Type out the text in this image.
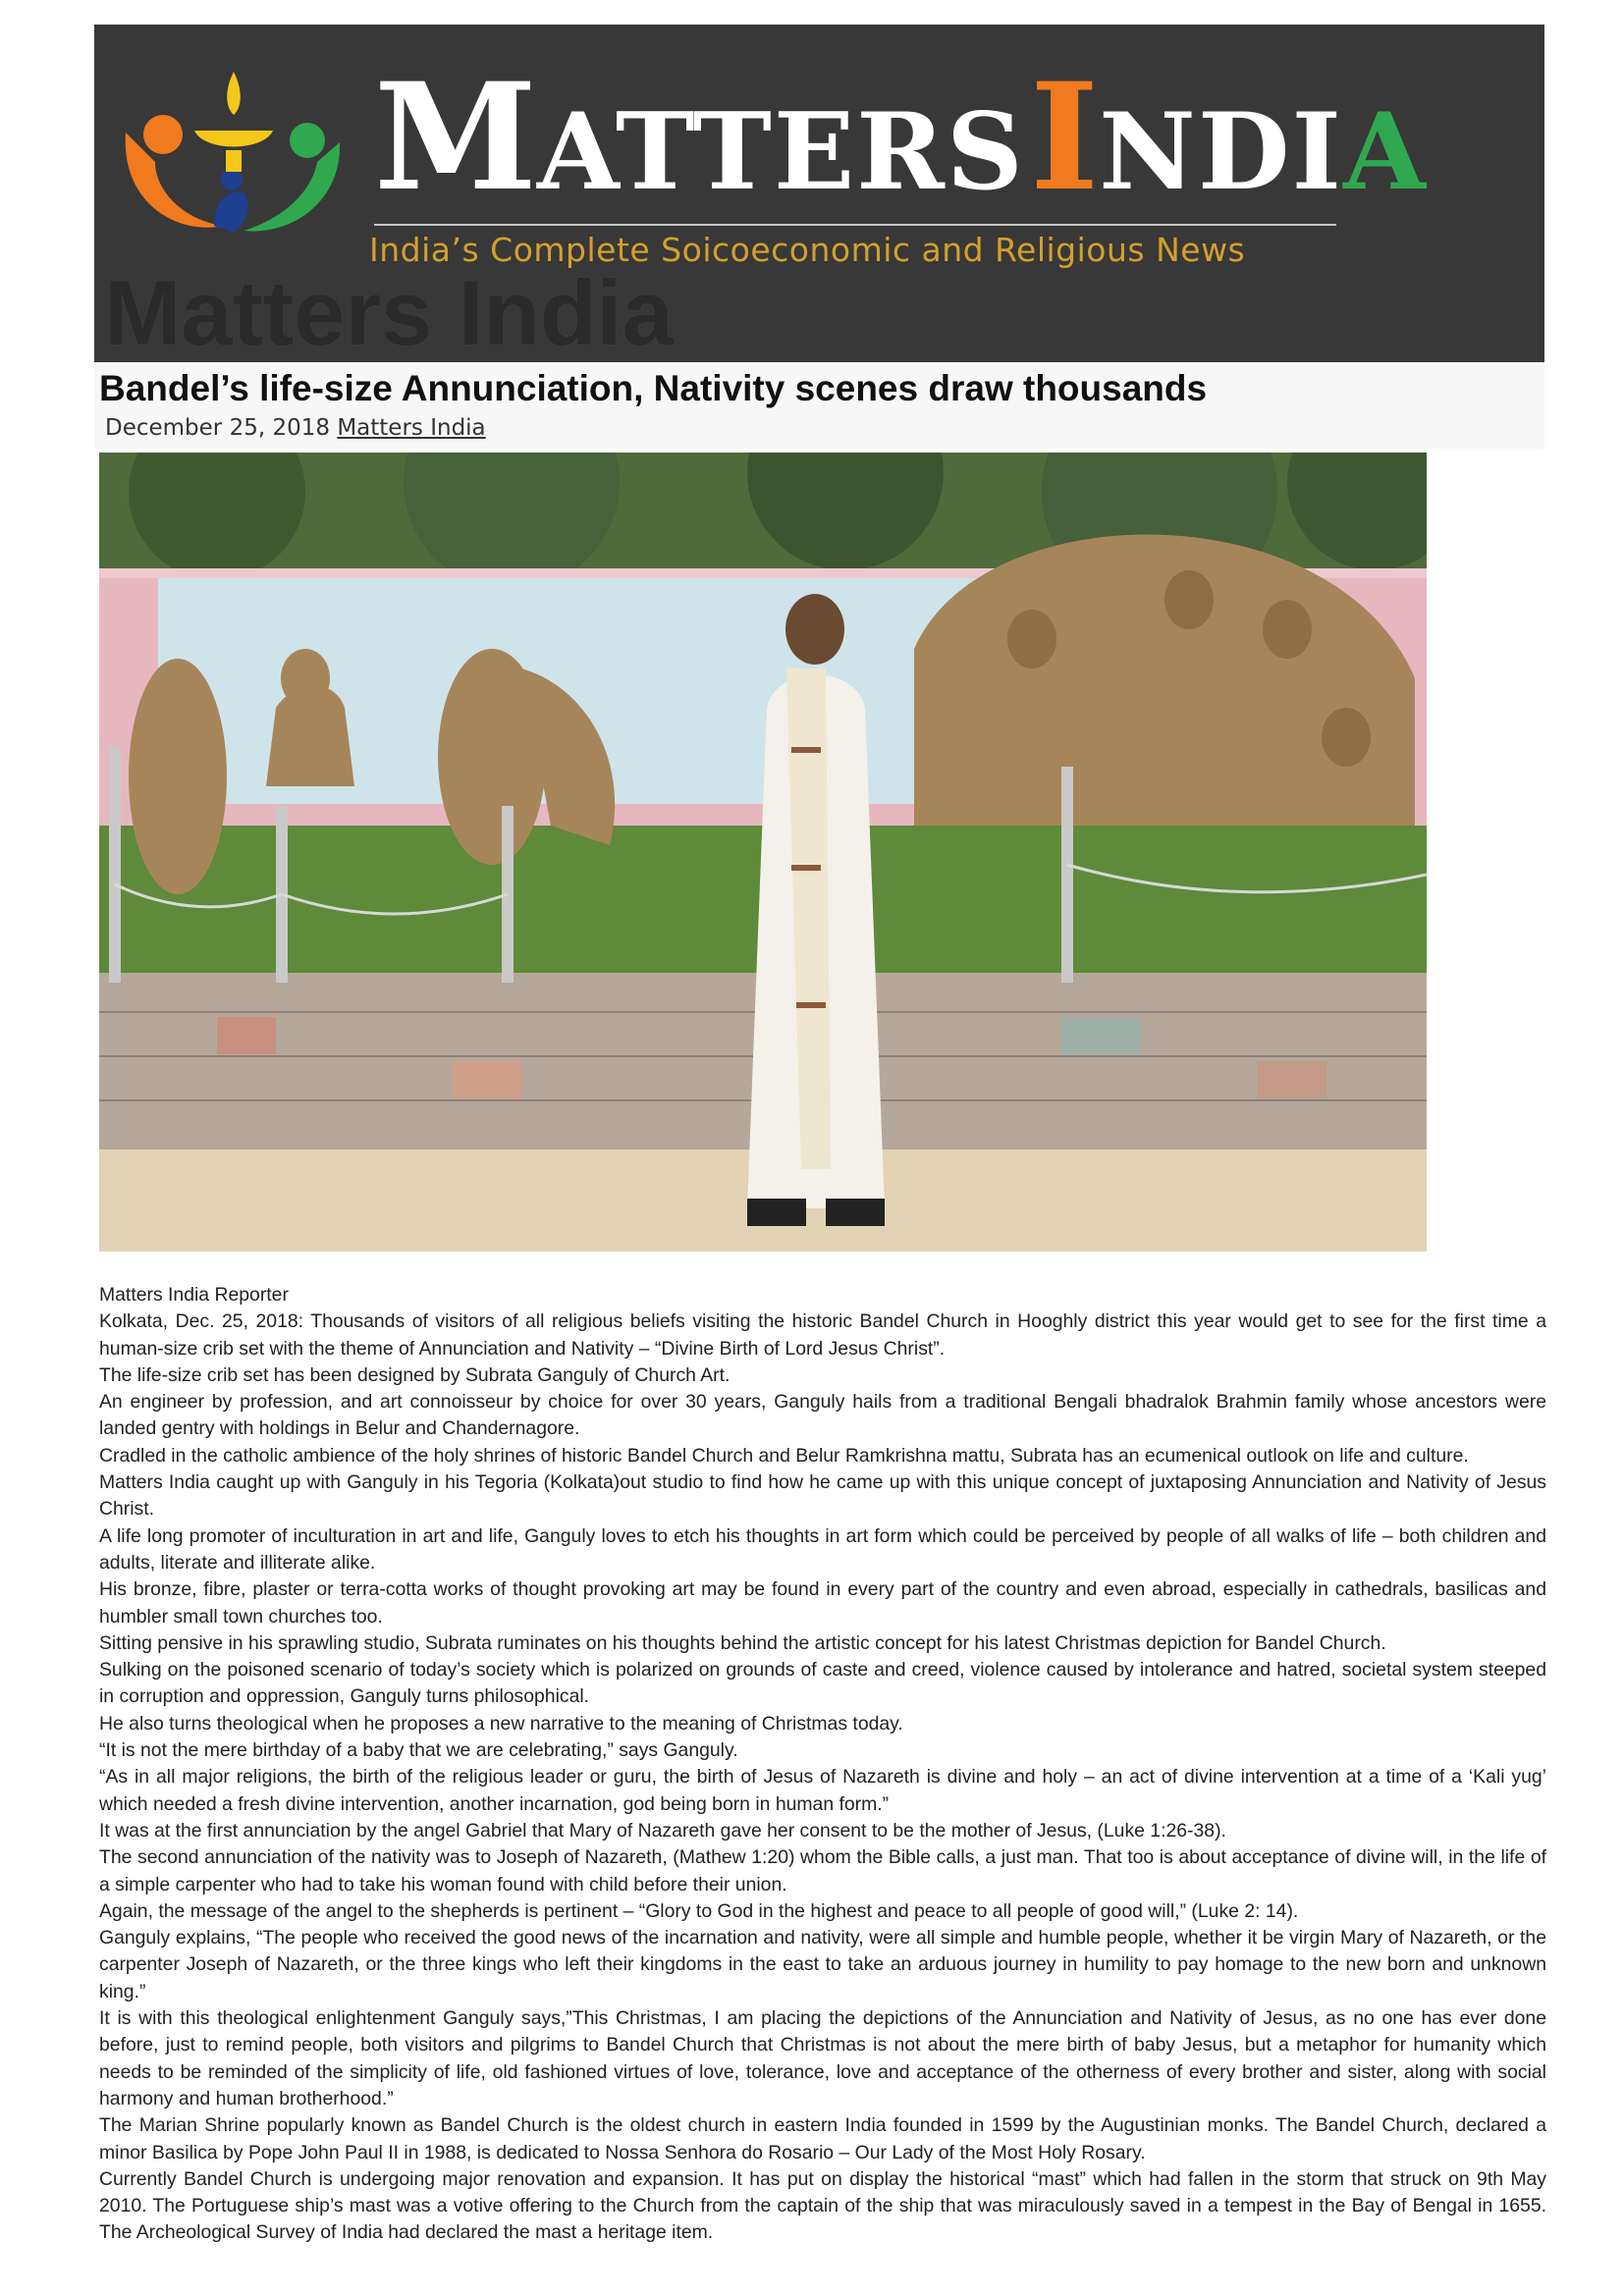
MATTERS INDIA
India’s Complete Soicoeconomic and Religious News
Matters India
Bandel’s life-size Annunciation, Nativity scenes draw thousands
December 25, 2018 Matters India

Matters India Reporter

Kolkata, Dec. 25, 2018: Thousands of visitors of all religious beliefs visiting the historic Bandel Church in Hooghly district this year would get to see for the first time a human-size crib set with the theme of Annunciation and Nativity – “Divine Birth of Lord Jesus Christ”.

The life-size crib set has been designed by Subrata Ganguly of Church Art.

An engineer by profession, and art connoisseur by choice for over 30 years, Ganguly hails from a traditional Bengali bhadralok Brahmin family whose ancestors were landed gentry with holdings in Belur and Chandernagore.

Cradled in the catholic ambience of the holy shrines of historic Bandel Church and Belur Ramkrishna mattu, Subrata has an ecumenical outlook on life and culture.

Matters India caught up with Ganguly in his Tegoria (Kolkata)out studio to find how he came up with this unique concept of juxtaposing Annunciation and Nativity of Jesus Christ.

A life long promoter of inculturation in art and life, Ganguly loves to etch his thoughts in art form which could be perceived by people of all walks of life – both children and adults, literate and illiterate alike.

His bronze, fibre, plaster or terra-cotta works of thought provoking art may be found in every part of the country and even abroad, especially in cathedrals, basilicas and humbler small town churches too.

Sitting pensive in his sprawling studio, Subrata ruminates on his thoughts behind the artistic concept for his latest Christmas depiction for Bandel Church.

Sulking on the poisoned scenario of today’s society which is polarized on grounds of caste and creed, violence caused by intolerance and hatred, societal system steeped in corruption and oppression, Ganguly turns philosophical.

He also turns theological when he proposes a new narrative to the meaning of Christmas today.

“It is not the mere birthday of a baby that we are celebrating,” says Ganguly.

“As in all major religions, the birth of the religious leader or guru, the birth of Jesus of Nazareth is divine and holy – an act of divine intervention at a time of a ‘Kali yug’ which needed a fresh divine intervention, another incarnation, god being born in human form.”

It was at the first annunciation by the angel Gabriel that Mary of Nazareth gave her consent to be the mother of Jesus, (Luke 1:26-38).

The second annunciation of the nativity was to Joseph of Nazareth, (Mathew 1:20) whom the Bible calls, a just man. That too is about acceptance of divine will, in the life of a simple carpenter who had to take his woman found with child before their union.

Again, the message of the angel to the shepherds is pertinent – “Glory to God in the highest and peace to all people of good will,” (Luke 2: 14).

Ganguly explains, “The people who received the good news of the incarnation and nativity, were all simple and humble people, whether it be virgin Mary of Nazareth, or the carpenter Joseph of Nazareth, or the three kings who left their kingdoms in the east to take an arduous journey in humility to pay homage to the new born and unknown king.”

It is with this theological enlightenment Ganguly says,”This Christmas, I am placing the depictions of the Annunciation and Nativity of Jesus, as no one has ever done before, just to remind people, both visitors and pilgrims to Bandel Church that Christmas is not about the mere birth of baby Jesus, but a metaphor for humanity which needs to be reminded of the simplicity of life, old fashioned virtues of love, tolerance, love and acceptance of the otherness of every brother and sister, along with social harmony and human brotherhood.”

The Marian Shrine popularly known as Bandel Church is the oldest church in eastern India founded in 1599 by the Augustinian monks. The Bandel Church, declared a minor Basilica by Pope John Paul II in 1988, is dedicated to Nossa Senhora do Rosario – Our Lady of the Most Holy Rosary.

Currently Bandel Church is undergoing major renovation and expansion. It has put on display the historical “mast” which had fallen in the storm that struck on 9th May 2010. The Portuguese ship’s mast was a votive offering to the Church from the captain of the ship that was miraculously saved in a tempest in the Bay of Bengal in 1655. The Archeological Survey of India had declared the mast a heritage item.
